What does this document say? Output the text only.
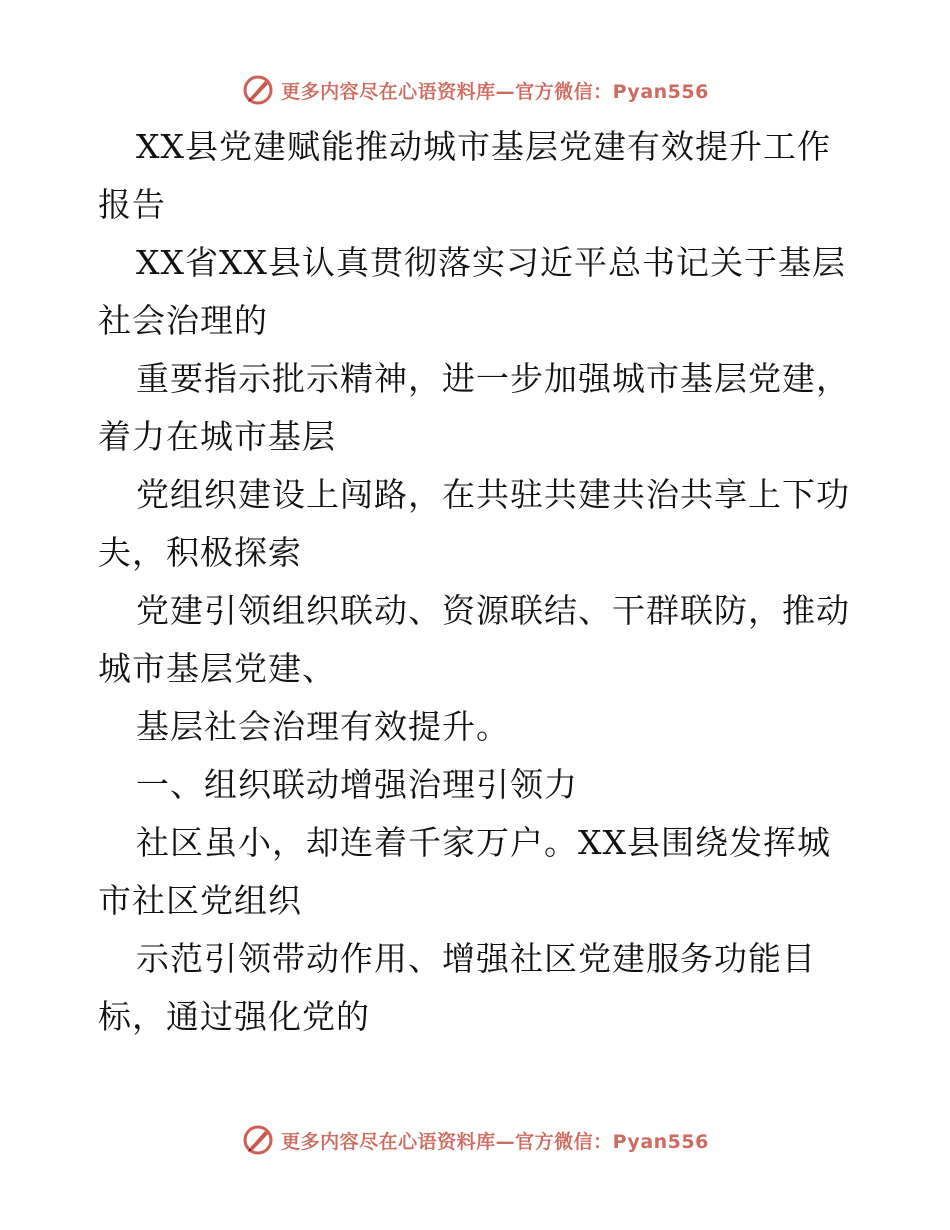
更多内容尽在心语资料库—官方微信：Pyan556

XX县党建赋能推动城市基层党建有效提升工作报告

XX省XX县认真贯彻落实习近平总书记关于基层社会治理的

重要指示批示精神，进一步加强城市基层党建，着力在城市基层

党组织建设上闯路，在共驻共建共治共享上下功夫，积极探索

党建引领组织联动、资源联结、干群联防，推动城市基层党建、

基层社会治理有效提升。

一、组织联动增强治理引领力

社区虽小，却连着千家万户。XX县围绕发挥城市社区党组织

示范引领带动作用、增强社区党建服务功能目标，通过强化党的

更多内容尽在心语资料库—官方微信：Pyan556
